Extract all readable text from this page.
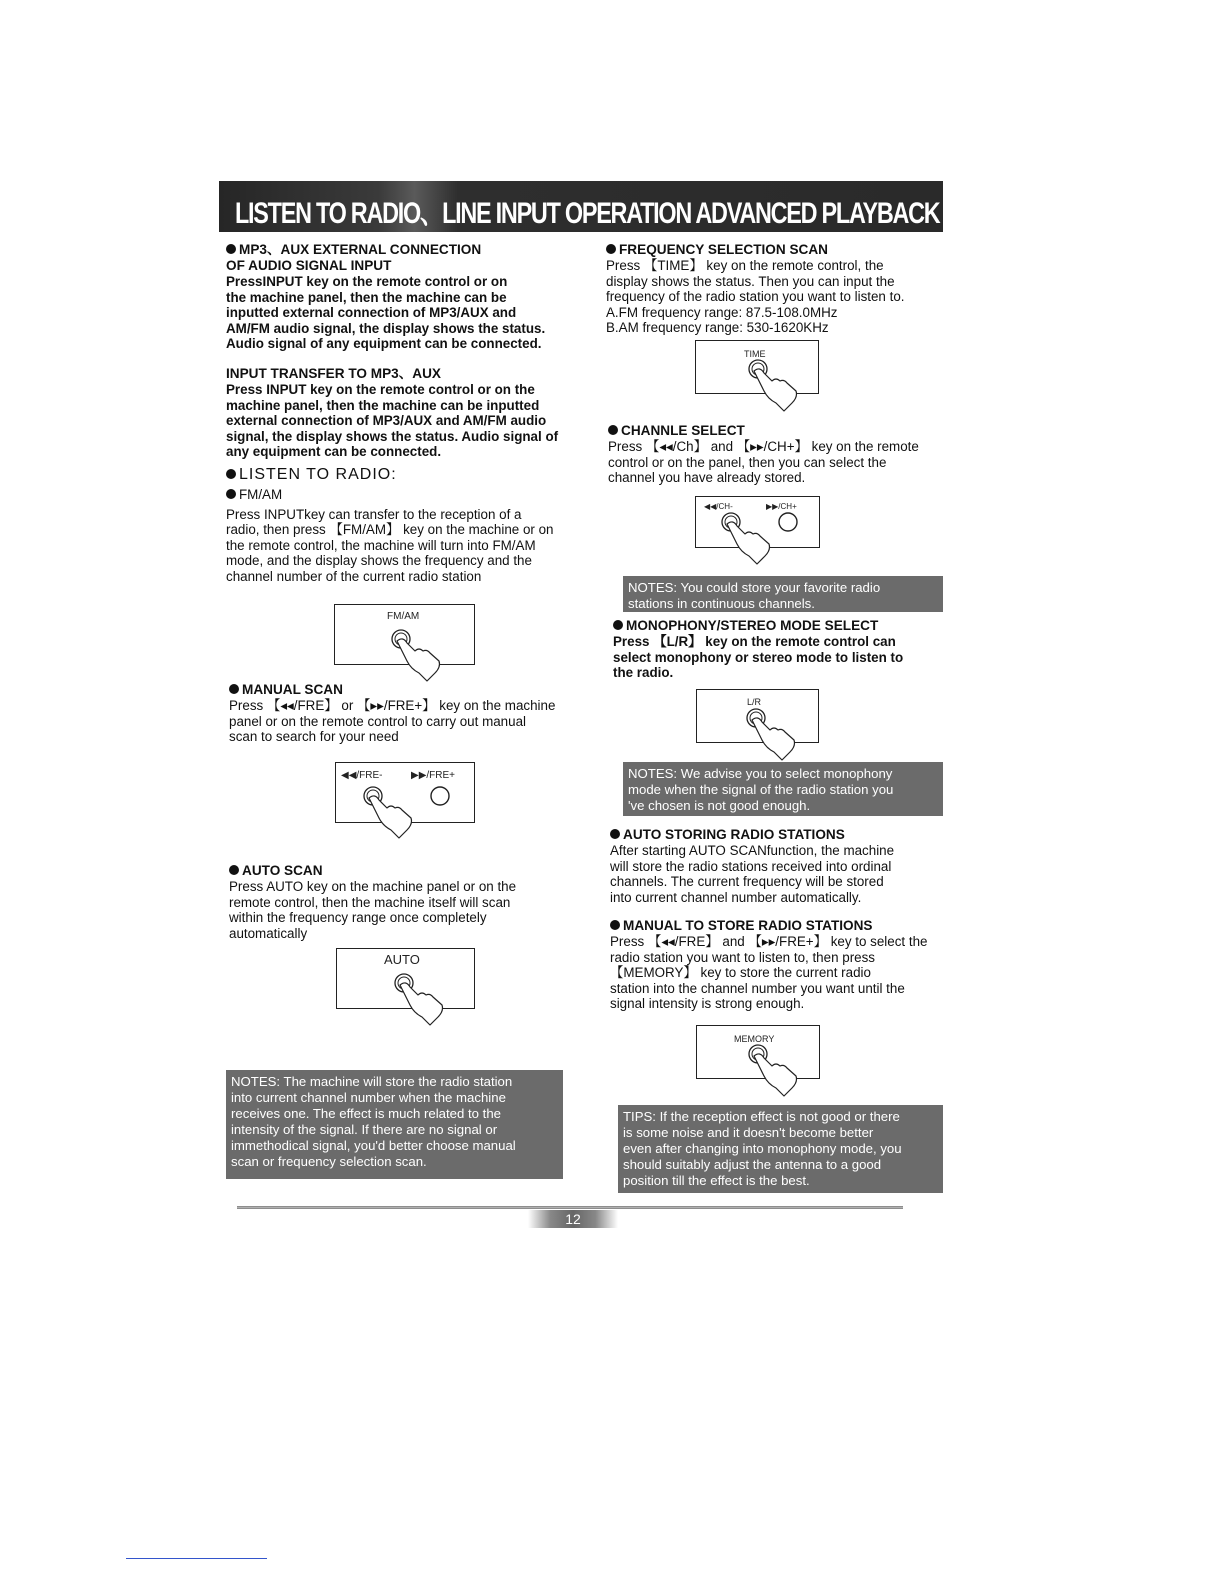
LISTEN TO RADIO、LINE INPUT OPERATION ADVANCED PLAYBACK

MP3、AUX EXTERNAL CONNECTION
OF AUDIO SIGNAL INPUT

PressINPUT key on the remote control or on
the machine panel, then the machine can be
inputted external connection of MP3/AUX and
AM/FM audio signal, the display shows the status.
Audio signal of any equipment can be connected.

INPUT TRANSFER TO MP3、AUX

Press INPUT key on the remote control or on the
machine panel, then the machine can be inputted
external connection of MP3/AUX and AM/FM audio
signal, the display shows the status. Audio signal of
any equipment can be connected.

LISTEN TO RADIO:

FM/AM

Press INPUTkey can transfer to the reception of a
radio, then press 【FM/AM】 key on the machine or on
the remote control, the machine will turn into FM/AM
mode, and the display shows the frequency and the
channel number of the current radio station

FM/AM

MANUAL SCAN

Press 【◂◂/FRE】 or 【▸▸/FRE+】 key on the machine
panel or on the remote control to carry out manual
scan to search for your need

◀◀/FRE-	▶▶/FRE+

AUTO SCAN

Press AUTO key on the machine panel or on the
remote control, then the machine itself will scan
within the frequency range once completely
automatically

AUTO
NOTES: The machine will store the radio station
into current channel number when the machine
receives one. The effect is much related to the
intensity of the signal. If there are no signal or
immethodical signal, you'd better choose manual
scan or frequency selection scan.

FREQUENCY SELECTION SCAN

Press 【TIME】 key on the remote control, the
display shows the status. Then you can input the
frequency of the radio station you want to listen to.
A.FM frequency range: 87.5-108.0MHz
B.AM frequency range: 530-1620KHz

TIME

CHANNLE SELECT

Press 【◂◂/Ch】 and 【▸▸/CH+】 key on the remote
control or on the panel, then you can select the
channel you have already stored.

◀◀/CH-	▶▶/CH+
NOTES: You could store your favorite radio
stations in continuous channels.

MONOPHONY/STEREO MODE SELECT

Press 【L/R】 key on the remote control can
select monophony or stereo mode to listen to
the radio.

L/R
NOTES: We advise you to select monophony
mode when the signal of the radio station you
've chosen is not good enough.

AUTO STORING RADIO STATIONS

After starting AUTO SCANfunction, the machine
will store the radio stations received into ordinal
channels. The current frequency will be stored
into current channel number automatically.

MANUAL TO STORE RADIO STATIONS

Press 【◂◂/FRE】 and 【▸▸/FRE+】 key to select the
radio station you want to listen to, then press
【MEMORY】 key to store the current radio
station into the channel number you want until the
signal intensity is strong enough.

MEMORY
TIPS: If the reception effect is not good or there
is some noise and it doesn't become better
even after changing into monophony mode, you
should suitably adjust the antenna to a good
position till the effect is the best.
12
